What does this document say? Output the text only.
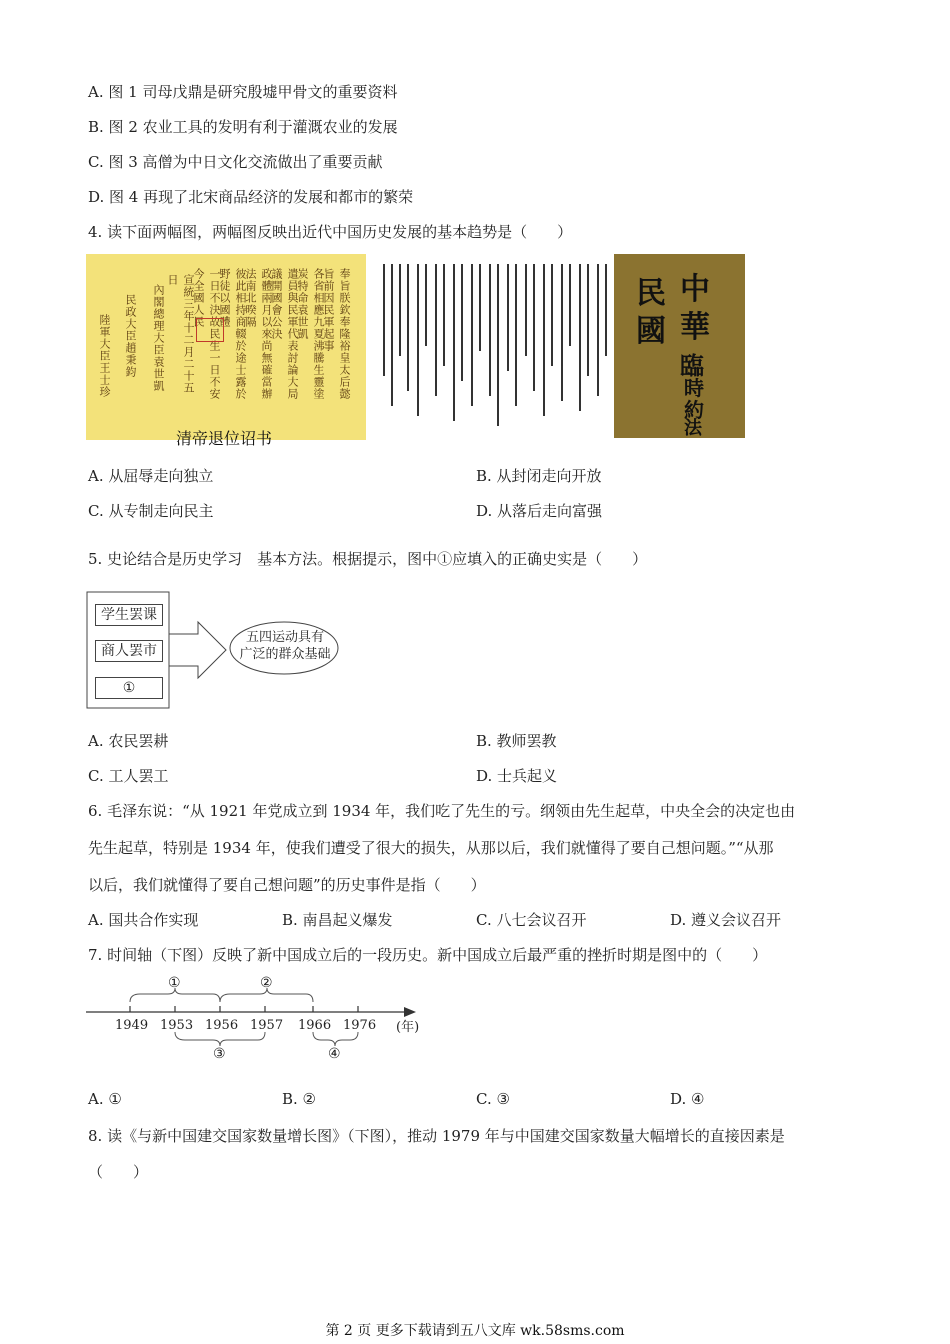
A. 图 1 司母戊鼎是研究殷墟甲骨文的重要资料
B. 图 2 农业工具的发明有利于灌溉农业的发展
C. 图 3 高僧为中日文化交流做出了重要贡献
D. 图 4 再现了北宋商品经济的发展和都市的繁荣
4. 读下面两幅图，两幅图反映出近代中国历史发展的基本趋势是（　　）
奉旨朕欽奉隆裕皇太后懿旨前因民軍起事
各省相應九夏沸騰生靈塗炭特命袁世凱
遣員與民軍代表討論大局議開國會公決
政體兩月以來尚無確當辦法南北暌隔
彼此相持商輟於途士露於野徒以國體
一日不決故民生一日不安今全國人民
宣統三年十二月二十五日
內閣總理大臣袁世凱
民政大臣趙秉鈞
陸軍大臣王士珍
清帝退位诏书
中
華
民
國
臨
時
約
法
A. 从屈辱走向独立	B. 从封闭走向开放
C. 从专制走向民主	D. 从落后走向富强
5. 史论结合是历史学习　基本方法。根据提示，图中①应填入的正确史实是（　　）
学生罢课
商人罢市
①
五四运动具有
广泛的群众基础
A. 农民罢耕	B. 教师罢教
C. 工人罢工	D. 士兵起义
6. 毛泽东说：“从 1921 年党成立到 1934 年，我们吃了先生的亏。纲领由先生起草，中央全会的决定也由
先生起草，特别是 1934 年，使我们遭受了很大的损失，从那以后，我们就懂得了要自己想问题。”“从那
以后，我们就懂得了要自己想问题”的历史事件是指（　　）
A. 国共合作实现	B. 南昌起义爆发	C. 八七会议召开	D. 遵义会议召开
7. 时间轴（下图）反映了新中国成立后的一段历史。新中国成立后最严重的挫折时期是图中的（　　）
①	②
③	④
1949 1953 1956 1957 1966 1976 (年)
A. ①	B. ②	C. ③	D. ④
8. 读《与新中国建交国家数量增长图》（下图），推动 1979 年与中国建交国家数量大幅增长的直接因素是
（　　）
第 2 页 更多下载请到五八文库 wk.58sms.com
